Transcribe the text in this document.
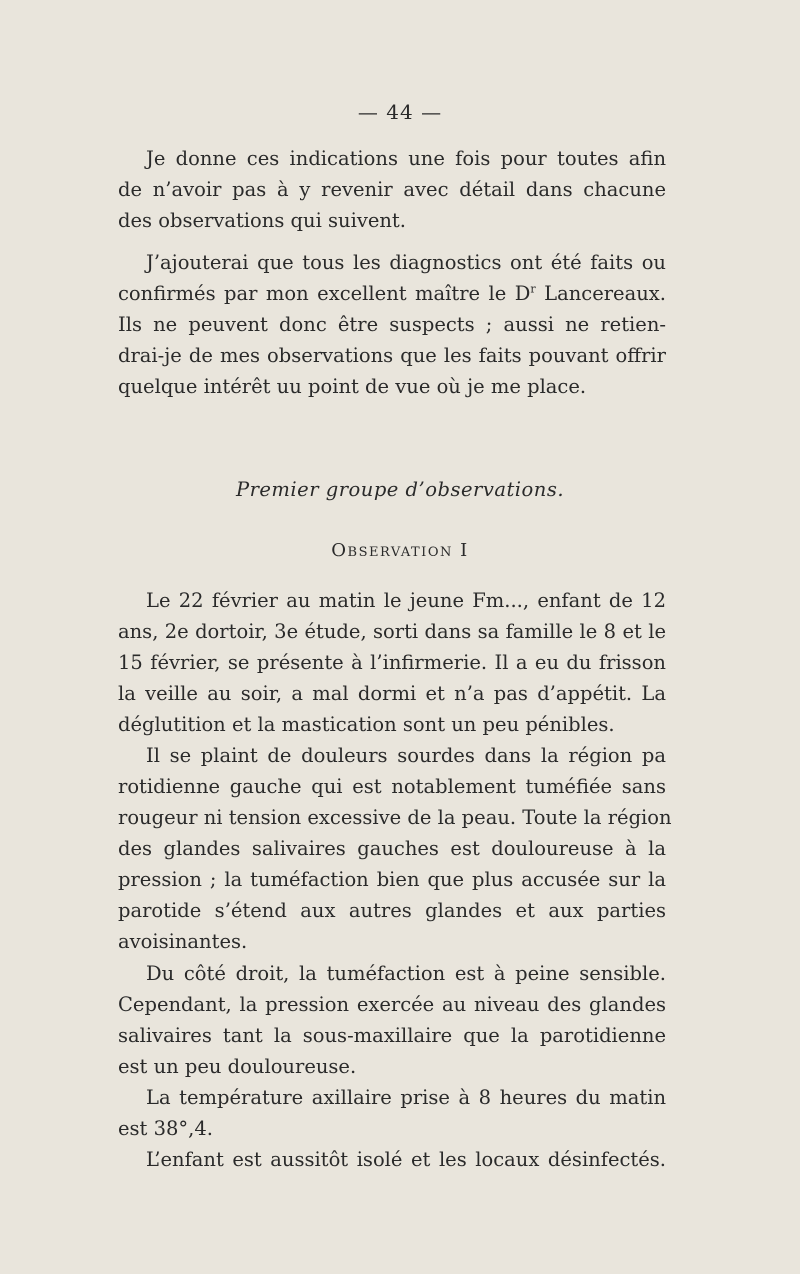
— 44 —

Je donne ces indications une fois pour toutes afin
de n’avoir pas à y revenir avec détail dans chacune
des observations qui suivent.

J’ajouterai que tous les diagnostics ont été faits ou
confirmés par mon excellent maître le $D^r$ Lancereaux.
Ils ne peuvent donc être suspects ; aussi ne retien-
drai-je de mes observations que les faits pouvant offrir
quelque intérêt uu point de vue où je me place.

Premier groupe d’observations.
Observation I

Le 22 février au matin le jeune Fm..., enfant de 12
ans, 2e dortoir, 3e étude, sorti dans sa famille le 8 et le
15 février, se présente à l’infirmerie. Il a eu du frisson
la veille au soir, a mal dormi et n’a pas d’appétit. La
déglutition et la mastication sont un peu pénibles.

Il se plaint de douleurs sourdes dans la région pa
rotidienne gauche qui est notablement tuméfiée sans
rougeur ni tension excessive de la peau. Toute la région
des glandes salivaires gauches est douloureuse à la
pression ; la tuméfaction bien que plus accusée sur la
parotide s’étend aux autres glandes et aux parties
avoisinantes.

Du côté droit, la tuméfaction est à peine sensible.
Cependant, la pression exercée au niveau des glandes
salivaires tant la sous-maxillaire que la parotidienne
est un peu douloureuse.

La température axillaire prise à 8 heures du matin
est 38°,4.

L’enfant est aussitôt isolé et les locaux désinfectés.
